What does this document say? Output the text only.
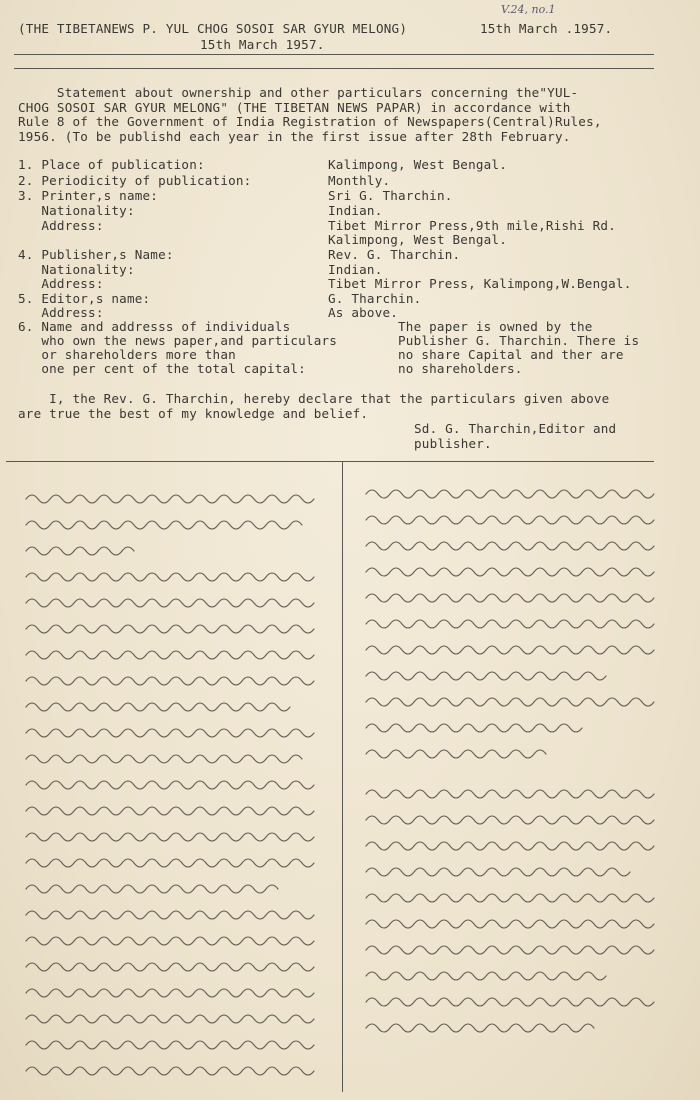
V.24, no.1
(THE TIBETANEWS P. YUL CHOG SOSOI SAR GYUR MELONG)	15th March .1957.
15th March 1957.
Statement about ownership and other particulars concerning the"YUL-
CHOG SOSOI SAR GYUR MELONG" (THE TIBETAN NEWS PAPAR) in accordance with
Rule 8 of the Government of India Registration of Newspapers(Central)Rules,
1956. (To be publishd each year in the first issue after 28th February.
1. Place of publication:	Kalimpong, West Bengal.
2. Periodicity of publication:	Monthly.
3. Printer,s name:	Sri G. Tharchin.
Nationality:	Indian.
Address:	Tibet Mirror Press,9th mile,Rishi Rd.
Kalimpong, West Bengal.
4. Publisher,s Name:	Rev. G. Tharchin.
Nationality:	Indian.
Address:	Tibet Mirror Press, Kalimpong,W.Bengal.
5. Editor,s name:	G. Tharchin.
Address:	As above.
6. Name and addresss of individuals
who own the news paper,and particulars
or shareholders more than
one per cent of the total capital:
The paper is owned by the
Publisher G. Tharchin. There is
no share Capital and ther are
no shareholders.
I, the Rev. G. Tharchin, hereby declare that the particulars given above
are true the best of my knowledge and belief.
Sd. G. Tharchin,Editor and
publisher.
